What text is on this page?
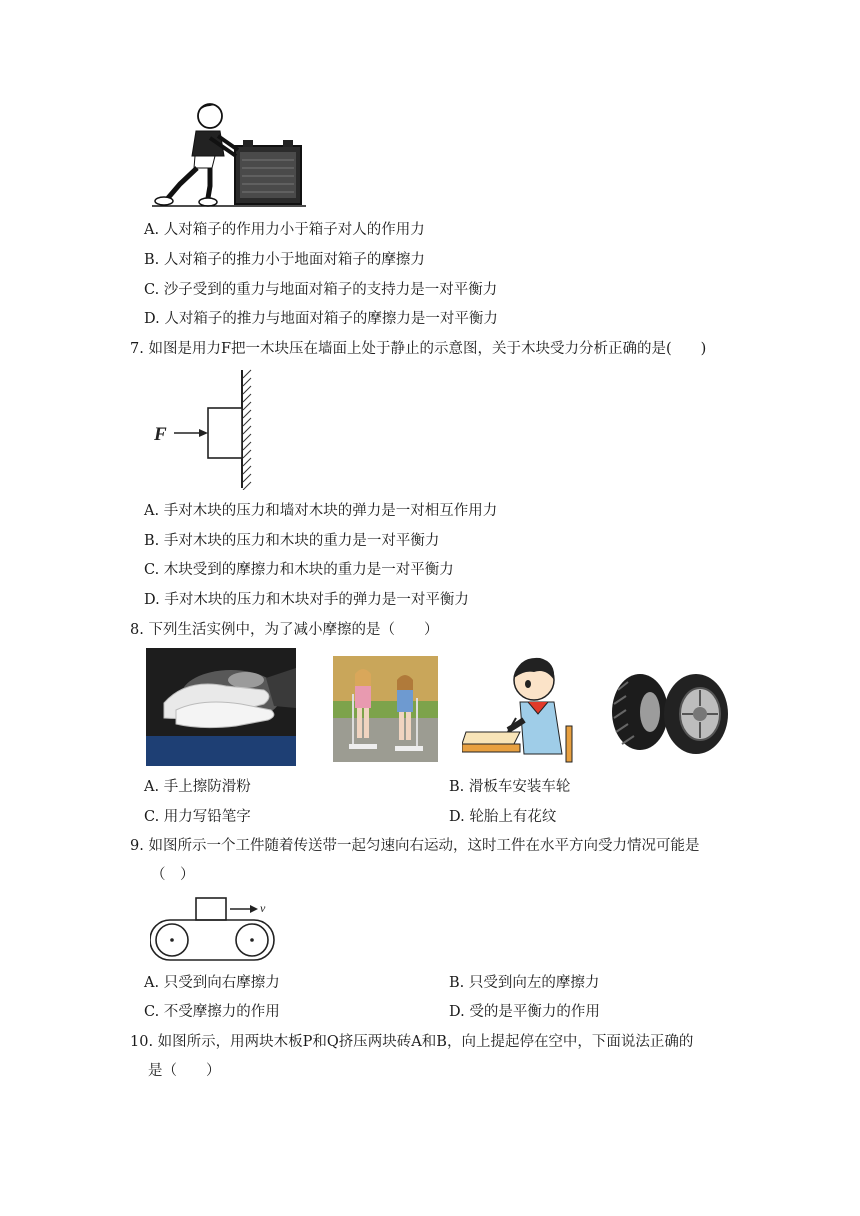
A. 人对箱子的作用力小于箱子对人的作用力
B. 人对箱子的推力小于地面对箱子的摩擦力
C. 沙子受到的重力与地面对箱子的支持力是一对平衡力
D. 人对箱子的推力与地面对箱子的摩擦力是一对平衡力
7. 如图是用力F把一木块压在墙面上处于静止的示意图，关于木块受力分析正确的是(　　)
F
A. 手对木块的压力和墙对木块的弹力是一对相互作用力
B. 手对木块的压力和木块的重力是一对平衡力
C. 木块受到的摩擦力和木块的重力是一对平衡力
D. 手对木块的压力和木块对手的弹力是一对平衡力
8. 下列生活实例中，为了减小摩擦的是（　　）
A. 手上擦防滑粉	B. 滑板车安装车轮
C. 用力写铅笔字	D. 轮胎上有花纹
9. 如图所示一个工件随着传送带一起匀速向右运动，这时工件在水平方向受力情况可能是
（　）
v
A. 只受到向右摩擦力	B. 只受到向左的摩擦力
C. 不受摩擦力的作用	D. 受的是平衡力的作用
10. 如图所示，用两块木板P和Q挤压两块砖A和B，向上提起停在空中，下面说法正确的
是（　　）
